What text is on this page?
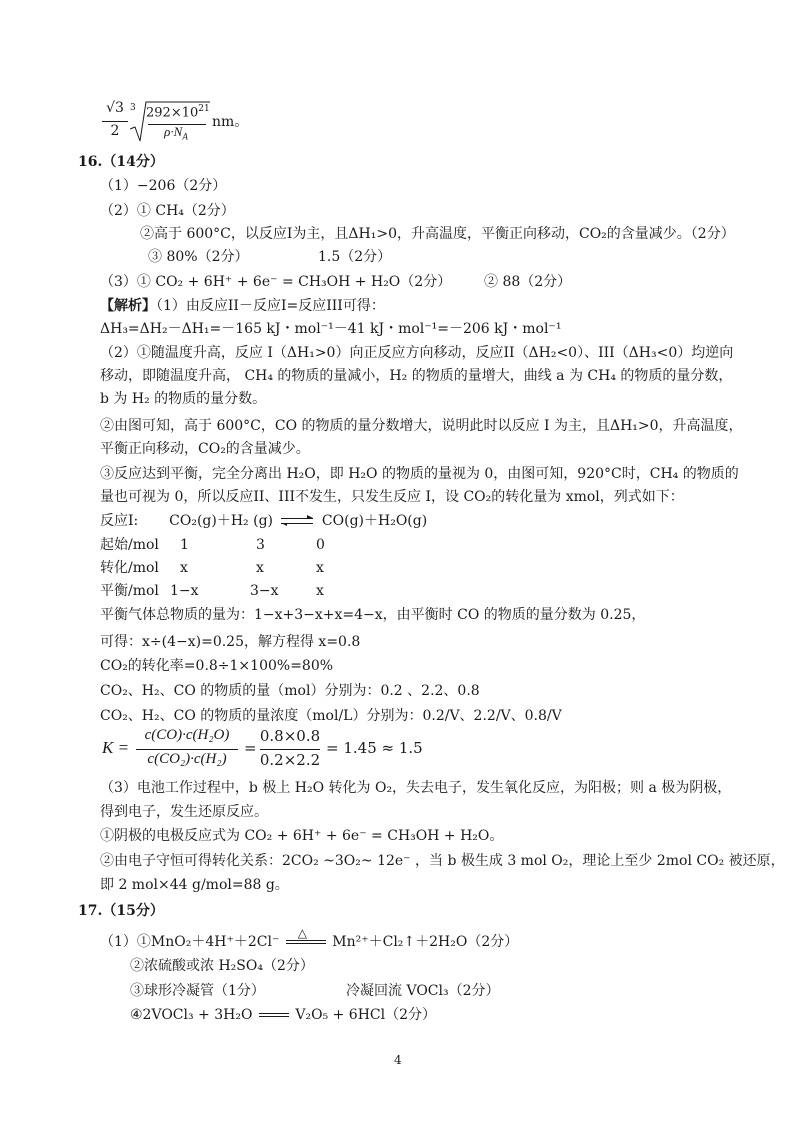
√3
2
3 $292\times 10^{21}$
$\rho\cdot N_A$
nm。
16.（14分）
（1）−206（2分）
（2）① CH₄（2分）
②高于 600°C，以反应I为主，且ΔH₁>0，升高温度，平衡正向移动，CO₂的含量减少。（2分）
③ 80%（2分）	1.5（2分）
（3）① CO₂ + 6H⁺ + 6e⁻ = CH₃OH + H₂O（2分） ② 88（2分）
【解析】（1）由反应II－反应I=反应III可得：
ΔH₃=ΔH₂－ΔH₁=－165 kJ・mol⁻¹－41 kJ・mol⁻¹=－206 kJ・mol⁻¹
（2）①随温度升高，反应 I（ΔH₁>0）向正反应方向移动，反应II（ΔH₂<0）、III（ΔH₃<0）均逆向
移动，即随温度升高， CH₄ 的物质的量减小，H₂ 的物质的量增大，曲线 a 为 CH₄ 的物质的量分数，
b 为 H₂ 的物质的量分数。
②由图可知，高于 600°C，CO 的物质的量分数增大，说明此时以反应 I 为主，且ΔH₁>0，升高温度，
平衡正向移动，CO₂的含量减少。
③反应达到平衡，完全分离出 H₂O，即 H₂O 的物质的量视为 0，由图可知，920°C时，CH₄ 的物质的
量也可视为 0，所以反应II、III不发生，只发生反应 I，设 CO₂的转化量为 xmol，列式如下：
反应I: CO₂(g)＋H₂ (g) ⇌ CO(g)＋H₂O(g)
起始/mol 1	3	0
转化/mol x	x	x
平衡/mol 1−x	3−x	x
平衡气体总物质的量为：1−x+3−x+x=4−x，由平衡时 CO 的物质的量分数为 0.25，
可得：x÷(4−x)=0.25，解方程得 x=0.8
CO₂的转化率=0.8÷1×100%=80%
CO₂、H₂、CO 的物质的量（mol）分别为：0.2 、2.2、0.8
CO₂、H₂、CO 的物质的量浓度（mol/L）分别为：0.2/V、2.2/V、0.8/V
K =
c(CO)·c(H₂O)
c(CO₂)·c(H₂)
=
0.8×0.8
0.2×2.2
= 1.45 ≈ 1.5
（3）电池工作过程中，b 极上 H₂O 转化为 O₂，失去电子，发生氧化反应，为阳极；则 a 极为阴极，
得到电子，发生还原反应。
①阴极的电极反应式为 CO₂ + 6H⁺ + 6e⁻ = CH₃OH + H₂O。
②由电子守恒可得转化关系：2CO₂ ~3O₂~ 12e⁻ ，当 b 极生成 3 mol O₂，理论上至少 2mol CO₂ 被还原，
即 2 mol×44 g/mol=88 g。
17.（15分）
（1）①MnO₂＋4H⁺＋2Cl⁻
△
Mn²⁺＋Cl₂↑＋2H₂O（2分）
②浓硫酸或浓 H₂SO₄（2分）
③球形冷凝管（1分）	冷凝回流 VOCl₃（2分）
④2VOCl₃ + 3H₂O	V₂O₅ + 6HCl（2分）
4
